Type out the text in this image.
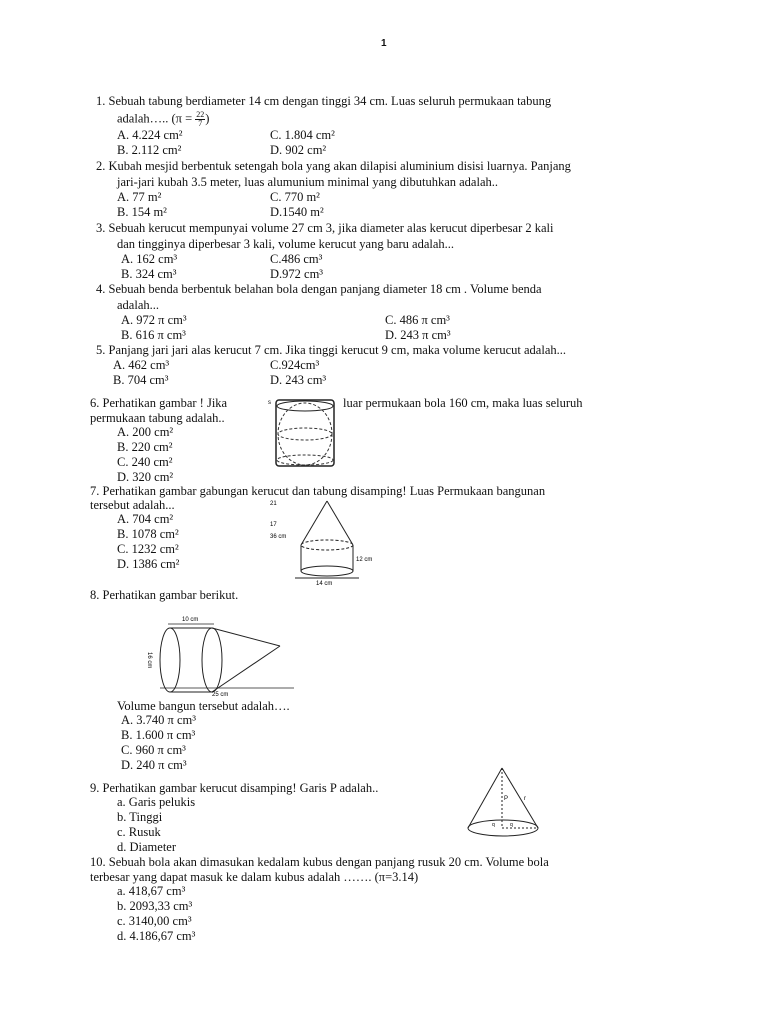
1
1. Sebuah tabung berdiameter 14 cm dengan tinggi 34 cm. Luas seluruh permukaan tabung
adalah….. ($\pi = \frac{22}{7}$ )
A. 4.224 cm²	C. 1.804 cm²
B. 2.112 cm²	D. 902 cm²
2. Kubah mesjid berbentuk setengah bola yang akan dilapisi aluminium disisi luarnya. Panjang
jari-jari kubah 3.5 meter, luas alumunium minimal yang dibutuhkan adalah..
A. 77 m²	C. 770 m²
B. 154 m²	D.1540 m²
3. Sebuah kerucut mempunyai volume 27 cm 3, jika diameter alas kerucut diperbesar 2 kali
dan tingginya diperbesar 3 kali, volume kerucut yang baru adalah...
A. 162 cm³	C.486 cm³
B. 324 cm³	D.972 cm³
4. Sebuah benda berbentuk belahan bola dengan panjang diameter 18 cm . Volume benda
adalah...
A. 972 π cm³	C. 486 π cm³
B. 616 π cm³	D. 243 π cm³
5. Panjang jari jari alas kerucut 7 cm. Jika tinggi kerucut 9 cm, maka volume kerucut adalah...
A. 462 cm³	C.924cm³
B. 704 cm³	D. 243 cm³
6. Perhatikan gambar ! Jika	luar permukaan bola 160 cm, maka luas seluruh
permukaan tabung adalah..
A. 200 cm²
B. 220 cm²
C. 240 cm²
D. 320 cm²
s
7. Perhatikan gambar gabungan kerucut dan tabung disamping! Luas Permukaan bangunan
tersebut adalah...
A. 704 cm²
B. 1078 cm²
C. 1232 cm²
D. 1386 cm²
21
17
36 cm
12 cm
14 cm
8. Perhatikan gambar berikut.
10 cm
16 cm
25 cm
Volume bangun tersebut adalah….
A. 3.740 π cm³
B. 1.600 π cm³
C. 960 π cm³
D. 240 π cm³
9. Perhatikan gambar kerucut disamping! Garis P adalah..
a. Garis pelukis
b. Tinggi
c. Rusuk
d. Diameter
P	r
q	q
10. Sebuah bola akan dimasukan kedalam kubus dengan panjang rusuk 20 cm. Volume bola
terbesar yang dapat masuk ke dalam kubus adalah ……. (π=3.14)
a. 418,67 cm³
b. 2093,33 cm³
c. 3140,00 cm³
d. 4.186,67 cm³
